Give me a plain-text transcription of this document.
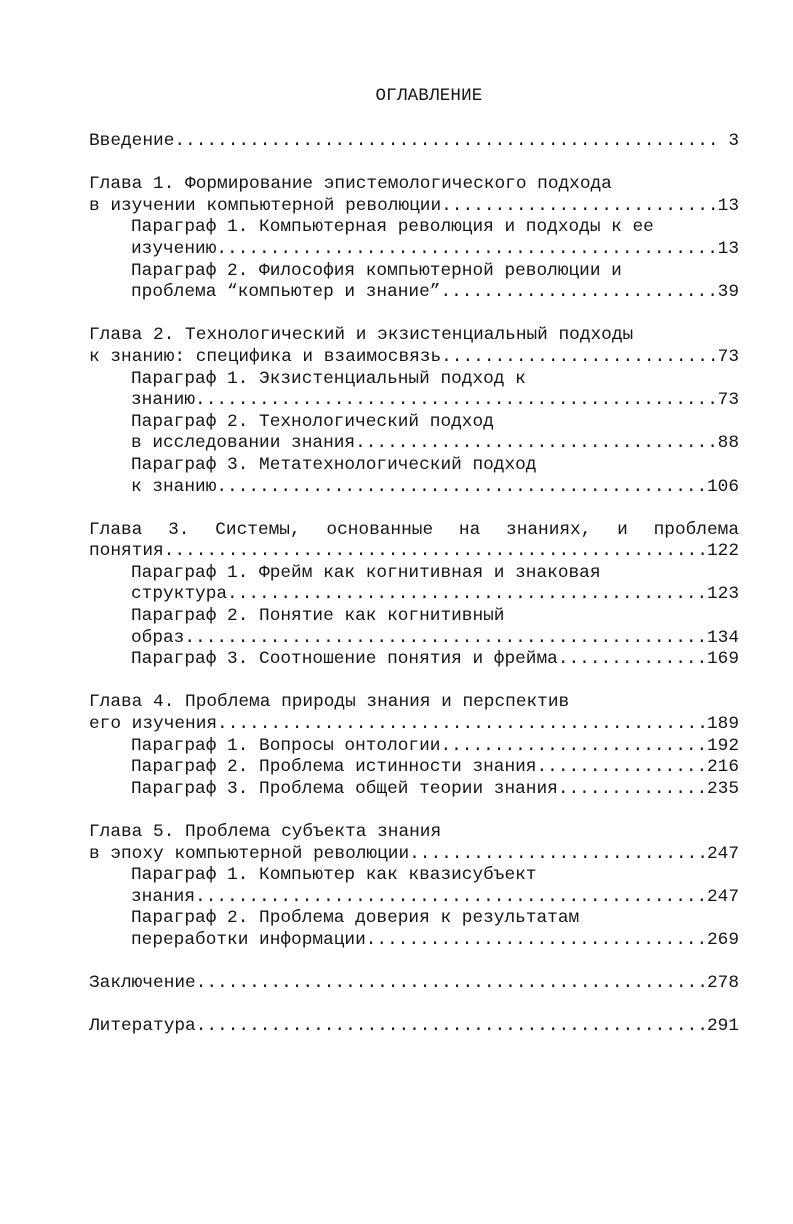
ОГЛАВЛЕНИЕ
Введение .....	3
Глава 1. Формирование эпистемологического подхода
в изучении компьютерной революции .....	13
Параграф 1. Компьютерная революция и подходы к ее
изучению .....	13
Параграф 2. Философия компьютерной революции и
проблема “компьютер и знание” .....	39
Глава 2. Технологический и экзистенциальный подходы
к знанию: специфика и взаимосвязь .....	73
Параграф 1. Экзистенциальный подход к
знанию .....	73
Параграф 2. Технологический подход
в исследовании знания .....	88
Параграф 3. Метатехнологический подход
к знанию .....	106
Глава 3. Системы, основанные на знаниях, и проблема
понятия .....	122
Параграф 1. Фрейм как когнитивная и знаковая
структура .....	123
Параграф 2. Понятие как когнитивный
образ .....	134
Параграф 3. Соотношение понятия и фрейма .....	169
Глава 4. Проблема природы знания и перспектив
его изучения .....	189
Параграф 1. Вопросы онтологии .....	192
Параграф 2. Проблема истинности знания .....	216
Параграф 3. Проблема общей теории знания .....	235
Глава 5. Проблема субъекта знания
в эпоху компьютерной революции .....	247
Параграф 1. Компьютер как квазисубъект
знания .....	247
Параграф 2. Проблема доверия к результатам
переработки информации .....	269
Заключение .....	278
Литература .....	291
